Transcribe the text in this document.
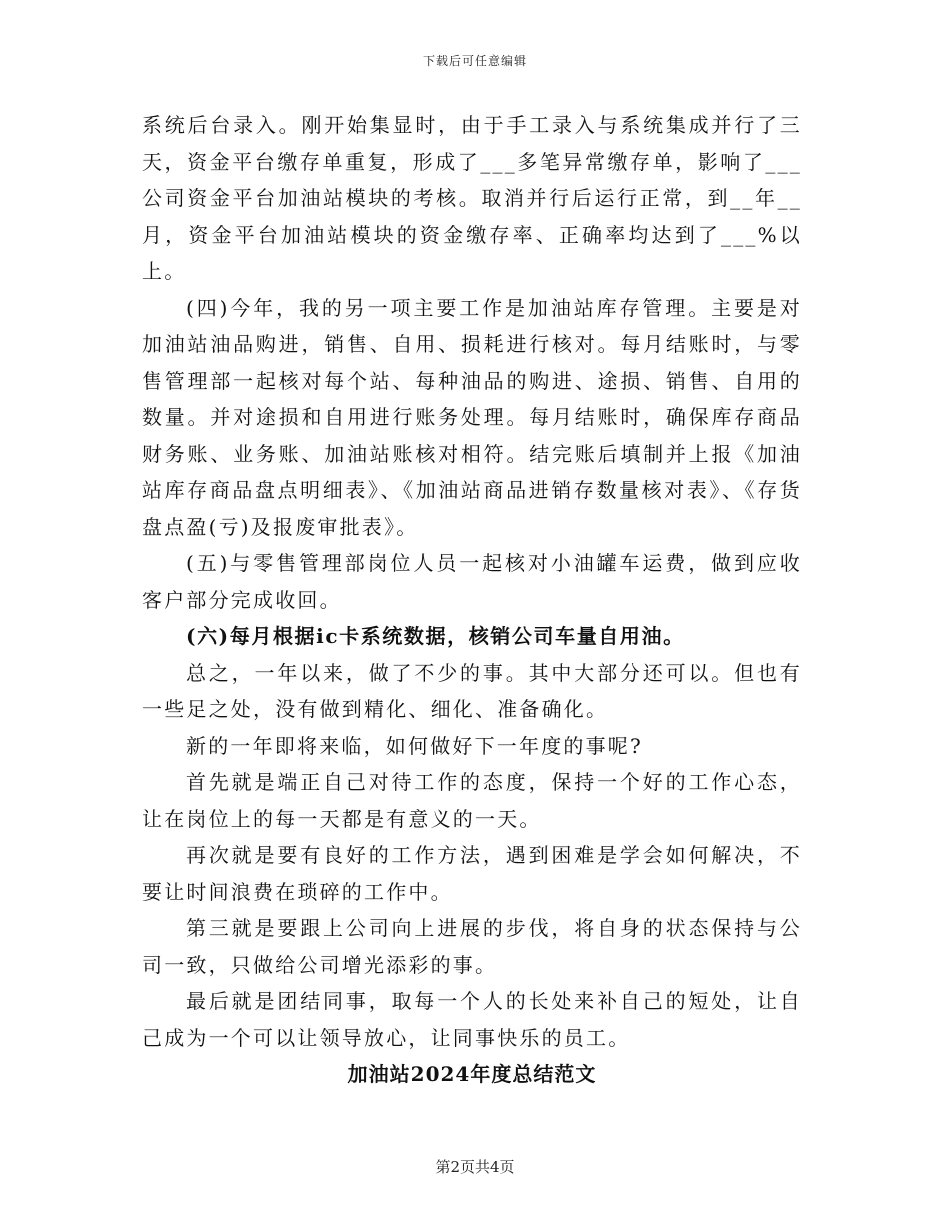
下载后可任意编辑

系统后台录入。刚开始集显时，由于手工录入与系统集成并行了三天，资金平台缴存单重复，形成了___多笔异常缴存单，影响了___公司资金平台加油站模块的考核。取消并行后运行正常，到__年__月，资金平台加油站模块的资金缴存率、正确率均达到了___%以上。

(四)今年，我的另一项主要工作是加油站库存管理。主要是对加油站油品购进，销售、自用、损耗进行核对。每月结账时，与零售管理部一起核对每个站、每种油品的购进、途损、销售、自用的数量。并对途损和自用进行账务处理。每月结账时，确保库存商品财务账、业务账、加油站账核对相符。结完账后填制并上报《加油站库存商品盘点明细表》、《加油站商品进销存数量核对表》、《存货盘点盈(亏)及报废审批表》。

(五)与零售管理部岗位人员一起核对小油罐车运费，做到应收客户部分完成收回。

(六)每月根据ic卡系统数据，核销公司车量自用油。

总之，一年以来，做了不少的事。其中大部分还可以。但也有一些足之处，没有做到精化、细化、准备确化。

新的一年即将来临，如何做好下一年度的事呢?

首先就是端正自己对待工作的态度，保持一个好的工作心态，让在岗位上的每一天都是有意义的一天。

再次就是要有良好的工作方法，遇到困难是学会如何解决，不要让时间浪费在琐碎的工作中。

第三就是要跟上公司向上进展的步伐，将自身的状态保持与公司一致，只做给公司增光添彩的事。

最后就是团结同事，取每一个人的长处来补自己的短处，让自己成为一个可以让领导放心，让同事快乐的员工。

加油站2024年度总结范文

第2页共4页
